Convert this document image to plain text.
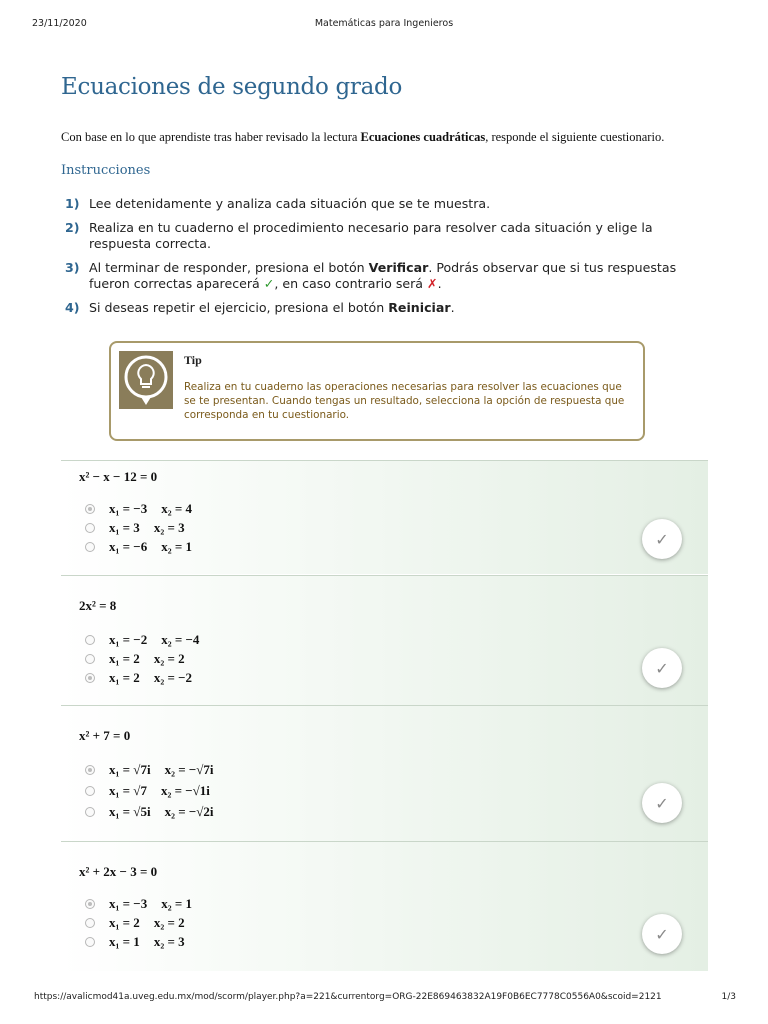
23/11/2020	Matemáticas para Ingenieros
Ecuaciones de segundo grado
Con base en lo que aprendiste tras haber revisado la lectura Ecuaciones cuadráticas, responde el siguiente cuestionario.
Instrucciones
1) Lee detenidamente y analiza cada situación que se te muestra.
2) Realiza en tu cuaderno el procedimiento necesario para resolver cada situación y elige la respuesta correcta.
3) Al terminar de responder, presiona el botón Verificar. Podrás observar que si tus respuestas fueron correctas aparecerá ✓, en caso contrario será ✗.
4) Si deseas repetir el ejercicio, presiona el botón Reiniciar.
Tip
Realiza en tu cuaderno las operaciones necesarias para resolver las ecuaciones que se te presentan. Cuando tengas un resultado, selecciona la opción de respuesta que corresponda en tu cuestionario.
x² − x − 12 = 0
x₁ = −3 x₂ = 4
x₁ = 3 x₂ = 3
x₁ = −6 x₂ = 1	✓
2x² = 8
x₁ = −2 x₂ = −4
x₁ = 2 x₂ = 2
x₁ = 2 x₂ = −2	✓
x² + 7 = 0
x₁ = √7i x₂ = −√7i
x₁ = √7 x₂ = −√1i
x₁ = √5i x₂ = −√2i	✓
x² + 2x − 3 = 0
x₁ = −3 x₂ = 1
x₁ = 2 x₂ = 2
x₁ = 1 x₂ = 3	✓
https://avalicmod41a.uveg.edu.mx/mod/scorm/player.php?a=221&currentorg=ORG-22E869463832A19F0B6EC7778C0556A0&scoid=2121	1/3
